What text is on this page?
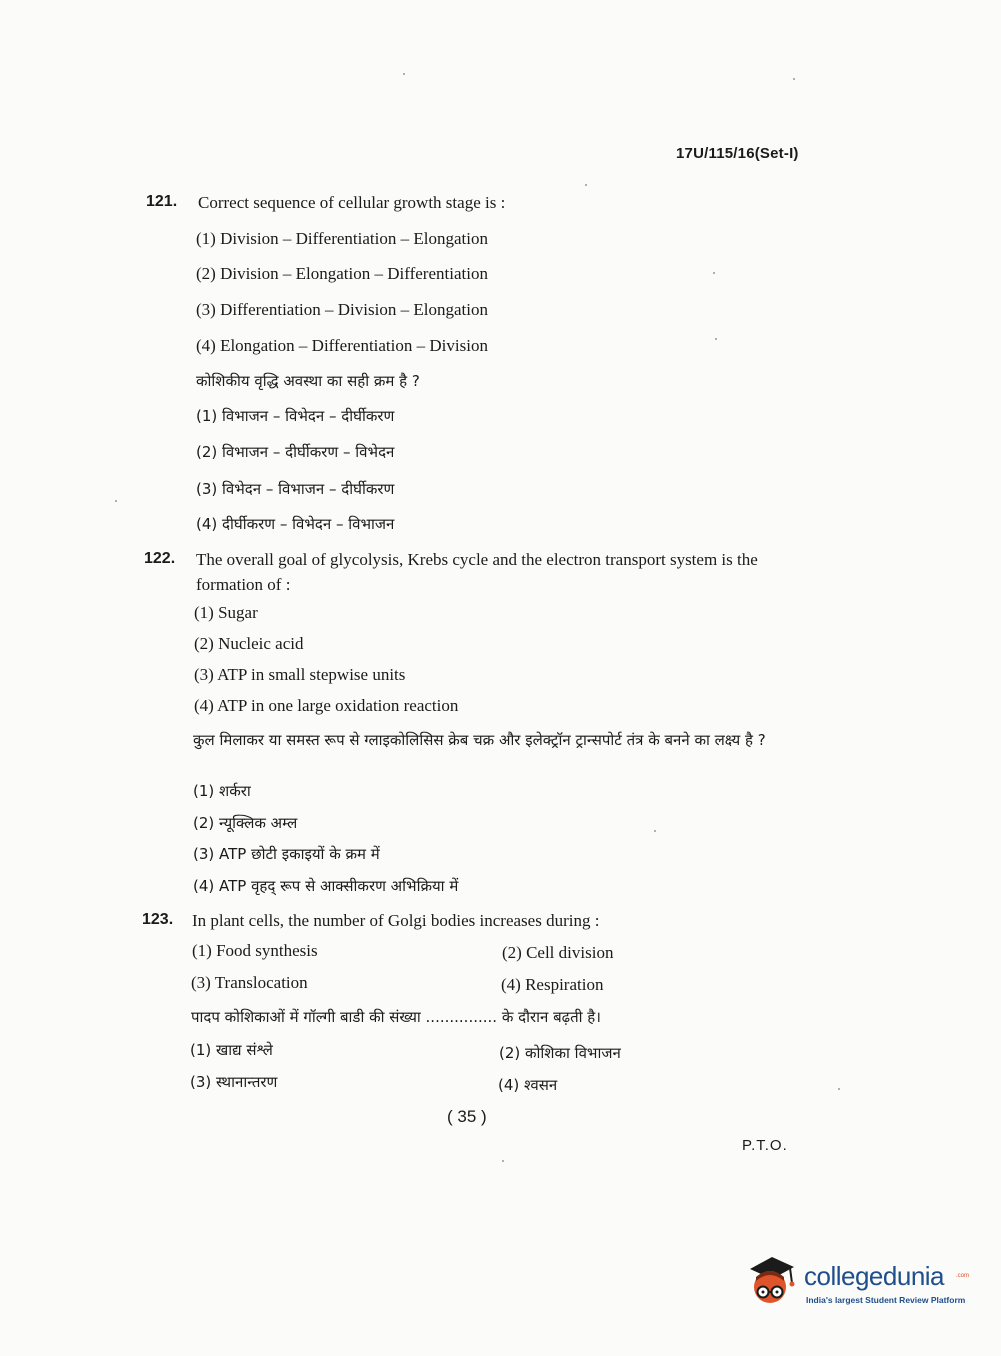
17U/115/16(Set-I)
121. Correct sequence of cellular growth stage is :
(1) Division – Differentiation – Elongation
(2) Division – Elongation – Differentiation
(3) Differentiation – Division – Elongation
(4) Elongation – Differentiation – Division
कोशिकीय वृद्धि अवस्था का सही क्रम है ?
(1) विभाजन – विभेदन – दीर्घीकरण
(2) विभाजन – दीर्घीकरण – विभेदन
(3) विभेदन – विभाजन – दीर्घीकरण
(4) दीर्घीकरण – विभेदन – विभाजन
122. The overall goal of glycolysis, Krebs cycle and the electron transport system is the formation of :
(1) Sugar
(2) Nucleic acid
(3) ATP in small stepwise units
(4) ATP in one large oxidation reaction
कुल मिलाकर या समस्त रूप से ग्लाइकोलिसिस क्रेब चक्र और इलेक्ट्रॉन ट्रान्सपोर्ट तंत्र के बनने का लक्ष्य है ?
(1) शर्करा
(2) न्यूक्लिक अम्ल
(3) ATP छोटी इकाइयों के क्रम में
(4) ATP वृहद् रूप से आक्सीकरण अभिक्रिया में
123. In plant cells, the number of Golgi bodies increases during :
(1) Food synthesis	(2) Cell division
(3) Translocation	(4) Respiration
पादप कोशिकाओं में गॉल्गी बाडी की संख्या ............... के दौरान बढ़ती है।
(1) खाद्य संश्ले	(2) कोशिका विभाजन
(3) स्थानान्तरण	(4) श्वसन
( 35 )
P.T.O.
collegedunia .com
India's largest Student Review Platform
